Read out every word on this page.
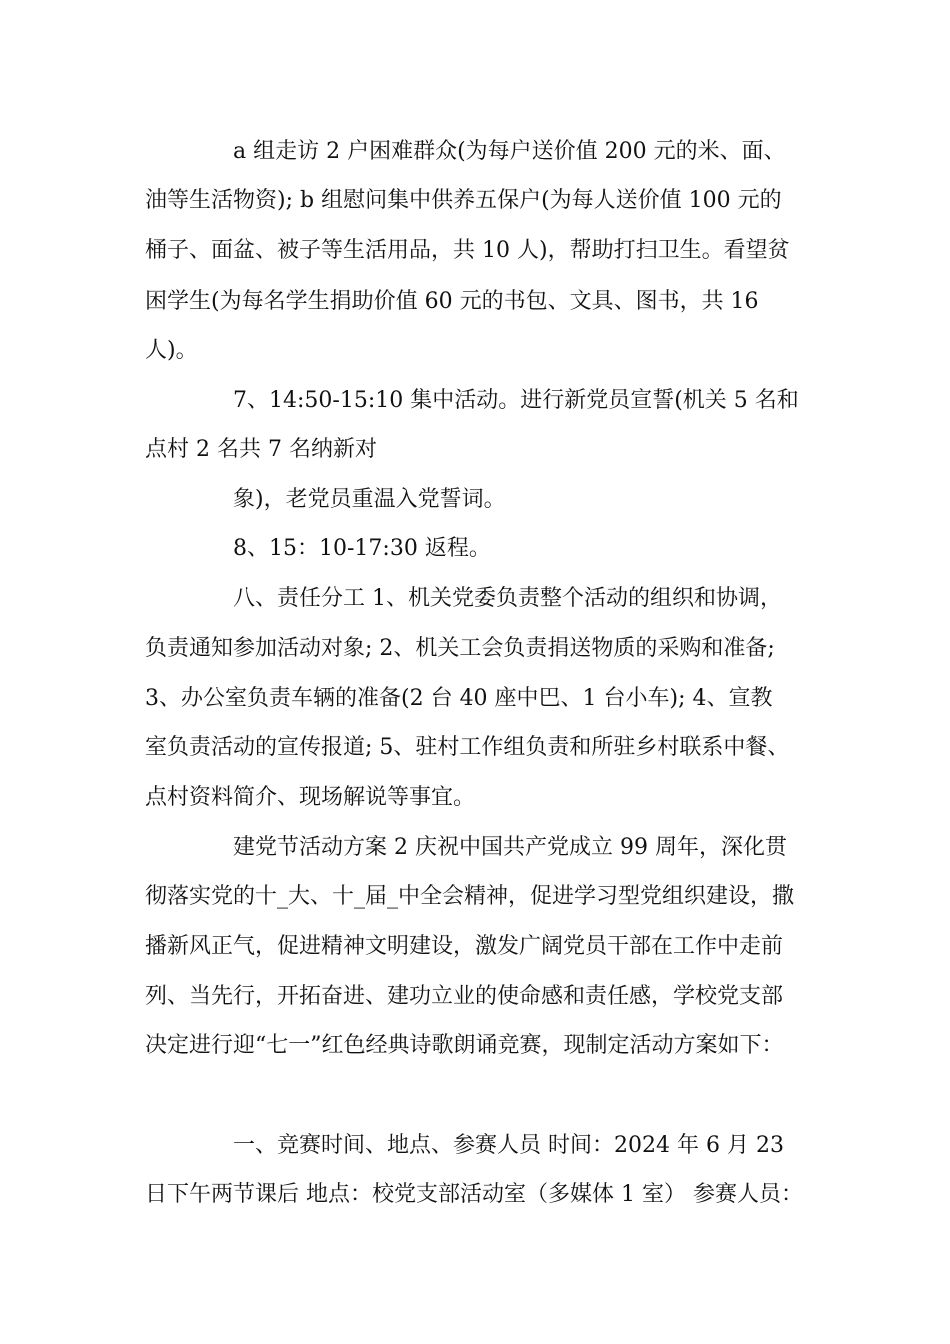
a 组走访 2 户困难群众(为每户送价值 200 元的米、面、
油等生活物资); b 组慰问集中供养五保户(为每人送价值 100 元的
桶子、面盆、被子等生活用品，共 10 人)，帮助打扫卫生。看望贫
困学生(为每名学生捐助价值 60 元的书包、文具、图书，共 16
人)。
7、14:50-15:10 集中活动。进行新党员宣誓(机关 5 名和
点村 2 名共 7 名纳新对
象)，老党员重温入党誓词。
8、15：10-17:30 返程。
八、责任分工 1、机关党委负责整个活动的组织和协调，
负责通知参加活动对象; 2、机关工会负责捐送物质的采购和准备;
3、办公室负责车辆的准备(2 台 40 座中巴、1 台小车); 4、宣教
室负责活动的宣传报道; 5、驻村工作组负责和所驻乡村联系中餐、
点村资料简介、现场解说等事宜。
建党节活动方案 2 庆祝中国共产党成立 99 周年，深化贯
彻落实党的十_大、十_届_中全会精神，促进学习型党组织建设，撒
播新风正气，促进精神文明建设，激发广阔党员干部在工作中走前
列、当先行，开拓奋进、建功立业的使命感和责任感，学校党支部
决定进行迎“七一”红色经典诗歌朗诵竞赛，现制定活动方案如下：
一、竞赛时间、地点、参赛人员 时间：2024 年 6 月 23
日下午两节课后 地点：校党支部活动室（多媒体 1 室） 参赛人员：
